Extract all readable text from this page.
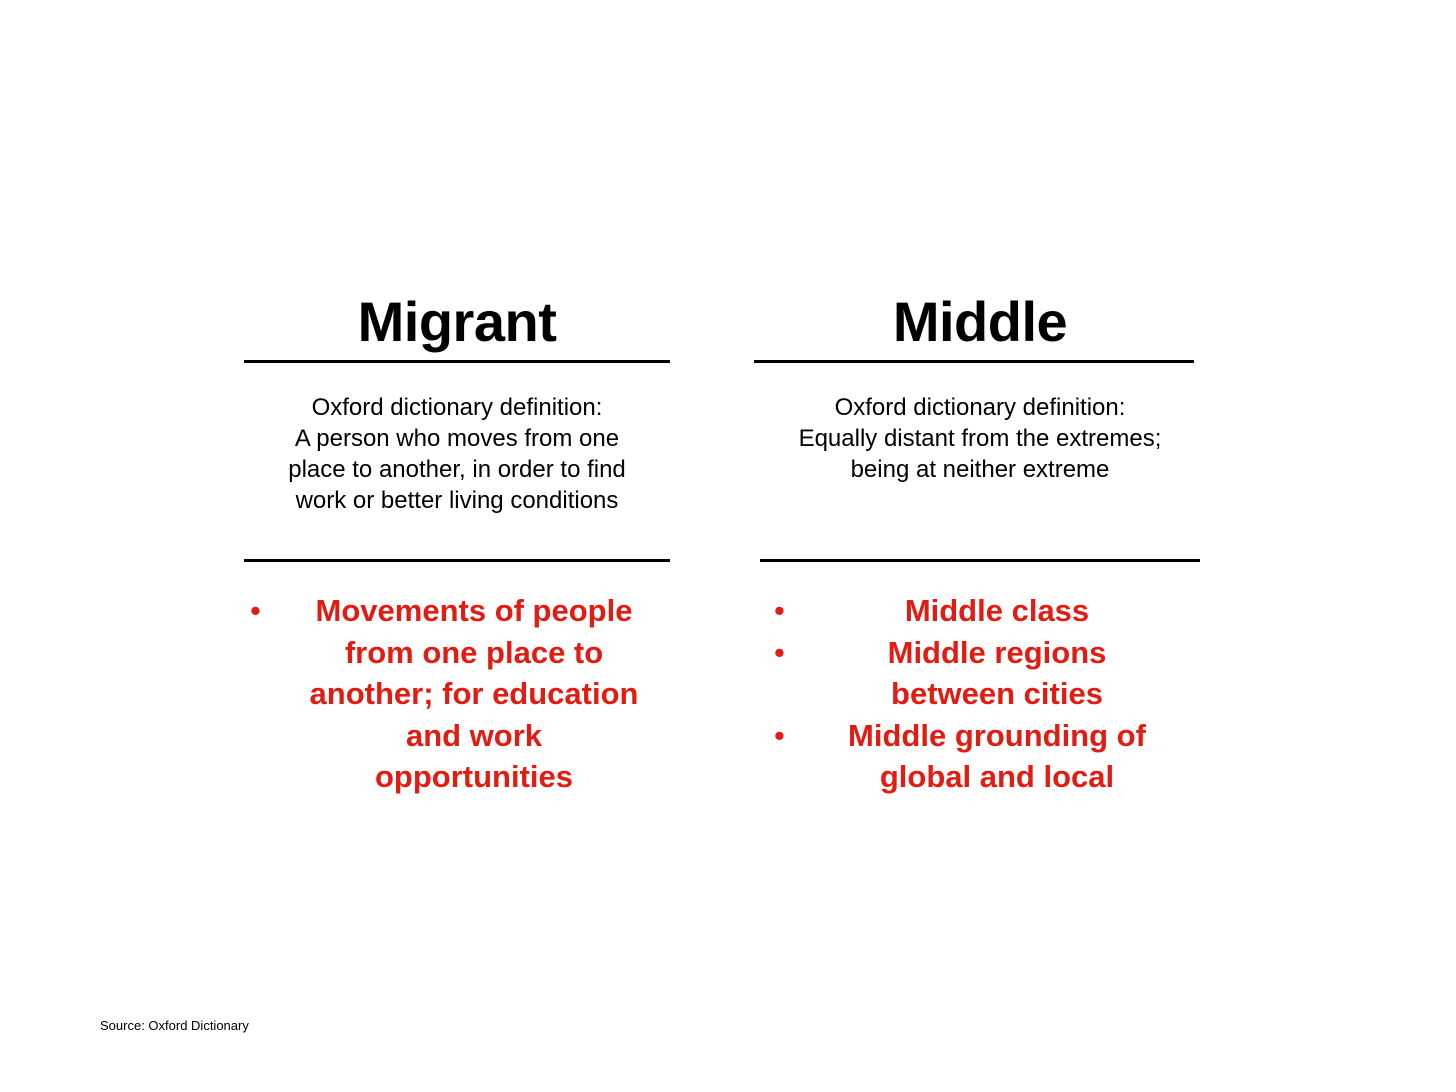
Migrant
Oxford dictionary definition:
A person who moves from one
place to another, in order to find
work or better living conditions
•	Movements of people
from one place to
another; for education
and work
opportunities
Middle
Oxford dictionary definition:
Equally distant from the extremes;
being at neither extreme
•	Middle class
•	Middle regions
between cities
•	Middle grounding of
global and local
Source: Oxford Dictionary
